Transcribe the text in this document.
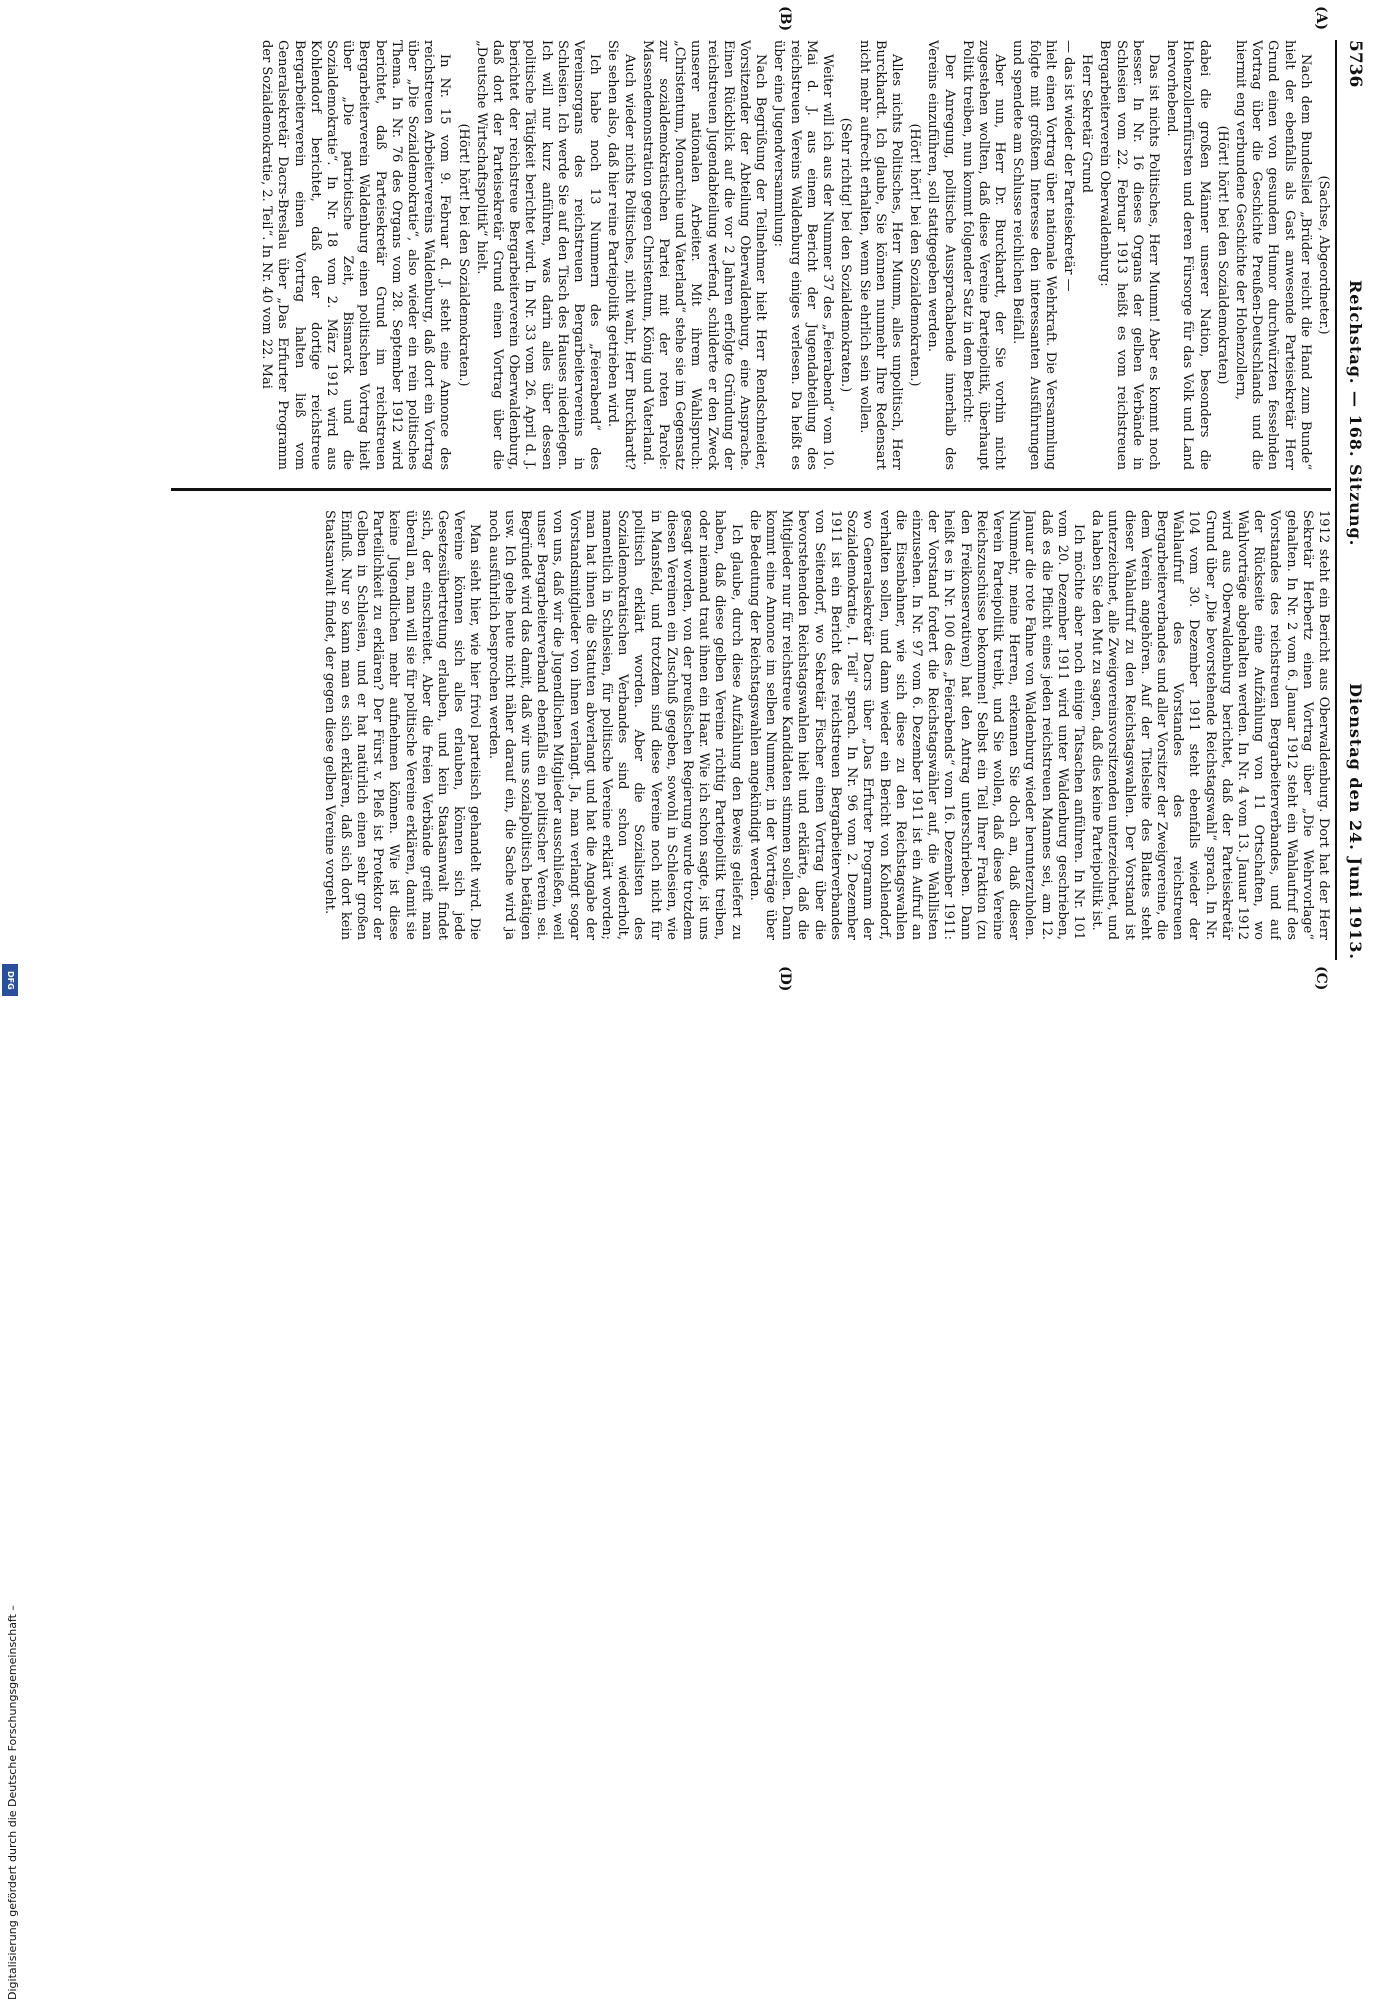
5736
Reichstag. — 168. Sitzung.
Dienstag den 24. Juni 1913.
(A)
(B)
(C)
(D)

(Sachse, Abgeordneter.)

Nach dem Bundeslied „Brüder reicht die Hand zum Bunde“ hielt der ebenfalls als Gast anwesende Parteisekretär Herr Grund einen von gesundem Humor durchwürzten fesselnden Vortrag über die Geschichte Preußen-Deutschlands und die hiermit eng verbundene Geschichte der Hohenzollern,

(Hört! hört! bei den Sozialdemokraten)

dabei die großen Männer unserer Nation, besonders die Hohenzollernfürsten und deren Fürsorge für das Volk und Land hervorhebend.

Das ist nichts Politisches, Herr Mumm! Aber es kommt noch besser. In Nr. 16 dieses Organs der gelben Verbände in Schlesien vom 22. Februar 1913 heißt es vom reichstreuen Bergarbeiterverein Oberwaldenburg:

Herr Sekretär Grund

— das ist wieder der Parteisekretär —

hielt einen Vortrag über nationale Wehrkraft. Die Versammlung folgte mit größtem Interesse den interessanten Ausführungen und spendete am Schlusse reichlichen Beifall.

Aber nun, Herr Dr. Burckhardt, der Sie vorhin nicht zugestehen wollten, daß diese Vereine Parteipolitik, überhaupt Politik treiben, nun kommt folgender Satz in dem Bericht:

Der Anregung, politische Aussprachabende innerhalb des Vereins einzuführen, soll stattgegeben werden.

(Hört! hört! bei den Sozialdemokraten.)

Alles nichts Politisches, Herr Mumm, alles unpolitisch, Herr Burckhardt. Ich glaube, Sie können nunmehr Ihre Redensart nicht mehr aufrecht erhalten, wenn Sie ehrlich sein wollen.

(Sehr richtig! bei den Sozialdemokraten.)

Weiter will ich aus der Nummer 37 des „Feierabend“ vom 10. Mai d. J. aus einem Bericht der Jugendabteilung des reichstreuen Vereins Waldenburg einiges verlesen. Da heißt es über eine Jugendversammlung:

Nach Begrüßung der Teilnehmer hielt Herr Rendschneider, Vorsitzender der Abteilung Oberwaldenburg, eine Ansprache. Einen Rückblick auf die vor 2 Jahren erfolgte Gründung der reichstreuen Jugendabteilung werfend, schilderte er den Zweck unserer nationalen Arbeiter. Mit ihrem Wahlspruch: „Christentum, Monarchie und Vaterland“ stehe sie im Gegensatz zur sozialdemokratischen Partei mit der roten Parole: Massendemonstration gegen Christentum, König und Vaterland.

Auch wieder nichts Politisches, nicht wahr, Herr Burckhardt? Sie sehen also, daß hier reine Parteipolitik getrieben wird.

Ich habe noch 13 Nummern des „Feierabend“ des Vereinsorgans des reichstreuen Bergarbeitervereins in Schlesien. Ich werde Sie auf den Tisch des Hauses niederlegen. Ich will nur kurz anführen, was darin alles über dessen politische Tätigkeit berichtet wird. In Nr. 33 vom 26. April d. J. berichtet der reichstreue Bergarbeiterverein Oberwaldenburg, daß dort der Parteisekretär Grund einen Vortrag über die „Deutsche Wirtschaftspolitik“ hielt.

(Hört! hört! bei den Sozialdemokraten.)

In Nr. 15 vom 9. Februar d. J. steht eine Annonce des reichstreuen Arbeitervereins Waldenburg, daß dort ein Vortrag über „Die Sozialdemokratie“, also wieder ein rein politisches Thema. In Nr. 76 des Organs vom 28. September 1912 wird berichtet, daß Parteisekretär Grund im reichstreuen Bergarbeiterverein Waldenburg einen politischen Vortrag hielt über „Die patriotische Zeit, Bismarck und die Sozialdemokratie“. In Nr. 18 vom 2. März 1912 wird aus Kohlendorf berichtet, daß der dortige reichstreue Bergarbeiterverein einen Vortrag halten ließ vom Generalsekretär Dacrs-Breslau über „Das Erfurter Programm der Sozialdemokratie, 2. Teil“. In Nr. 40 vom 22. Mai

1912 steht ein Bericht aus Oberwaldenburg. Dort hat der Herr Sekretär Herbertz einen Vortrag über „Die Wehrvorlage“ gehalten. In Nr. 2 vom 6. Januar 1912 steht ein Wahlaufruf des Vorstandes des reichstreuen Bergarbeiterverbandes, und auf der Rückseite eine Aufzählung von 11 Ortschaften, wo Wahlvorträge abgehalten werden. In Nr. 4 vom 13. Januar 1912 wird aus Oberwaldenburg berichtet, daß der Parteisekretär Grund über „Die bevorstehende Reichstagswahl“ sprach. In Nr. 104 vom 30. Dezember 1911 steht ebenfalls wieder der Wahlaufruf des Vorstandes des reichstreuen Bergarbeiterverbandes und aller Vorsitzer der Zweigvereine, die dem Verein angehören. Auf der Titelseite des Blattes steht dieser Wahlaufruf zu den Reichstagswahlen. Der Vorstand ist unterzeichnet, alle Zweigvereinsvorsitzenden unterzeichnet, und da haben Sie den Mut zu sagen, daß dies keine Parteipolitik ist.

Ich möchte aber noch einige Tatsachen anführen. In Nr. 101 vom 20. Dezember 1911 wird unter Waldenburg geschrieben, daß es die Pflicht eines jeden reichstreuen Mannes sei, am 12. Januar die rote Fahne von Waldenburg wieder herunterzuholen. Nunmehr, meine Herren, erkennen Sie doch an, daß dieser Verein Parteipolitik treibt, und Sie wollen, daß diese Vereine Reichszuschüsse bekommen! Selbst ein Teil Ihrer Fraktion (zu den Freikonservativen) hat den Antrag unterschrieben. Dann heißt es in Nr. 100 des „Feierabends“ vom 16. Dezember 1911: der Vorstand fordert die Reichstagswähler auf, die Wahllisten einzusehen. In Nr. 97 vom 6. Dezember 1911 ist ein Aufruf an die Eisenbahner, wie sich diese zu den Reichstagswahlen verhalten sollen, und dann wieder ein Bericht von Kohlendorf, wo Generalsekretär Dacrs über „Das Erfurter Programm der Sozialdemokratie, I. Teil“ sprach. In Nr. 96 vom 2. Dezember 1911 ist ein Bericht des reichstreuen Bergarbeiterverbandes von Seitendorf, wo Sekretär Fischer einen Vortrag über die bevorstehenden Reichstagswahlen hielt und erklärte, daß die Mitglieder nur für reichstreue Kandidaten stimmen sollen. Dann kommt eine Annonce im selben Nummer, in der Vorträge über die Bedeutung der Reichstagswahlen angekündigt werden.

Ich glaube, durch diese Aufzählung den Beweis geliefert zu haben, daß diese gelben Vereine richtig Parteipolitik treiben, oder niemand traut ihnen ein Haar. Wie ich schon sagte, ist uns gesagt worden, von der preußischen Regierung wurde trotzdem diesen Vereinen ein Zuschuß gegeben, sowohl in Schlesien, wie in Mansfeld, und trotzdem sind diese Vereine noch nicht für politisch erklärt worden. Aber die Sozialisten des Sozialdemokratischen Verbandes sind schon wiederholt, namentlich in Schlesien, für politische Vereine erklärt worden; man hat ihnen die Statuten abverlangt und hat die Angabe der Vorstandsmitglieder von ihnen verlangt. Ja, man verlangt sogar von uns, daß wir die Jugendlichen Mitglieder ausschließen, weil unser Bergarbeiterverband ebenfalls ein politischer Verein sei. Begründet wird das damit, daß wir uns sozialpolitisch betätigen usw. Ich gehe heute nicht näher darauf ein, die Sache wird ja noch ausführlich besprochen werden.

Man sieht hier, wie hier frivol parteiisch gehandelt wird. Die Vereine können sich alles erlauben, können sich jede Gesetzesübertretung erlauben, und kein Staatsanwalt findet sich, der einschreitet. Aber die freien Verbände greift man überall an, man will sie für politische Vereine erklären, damit sie keine Jugendlichen mehr aufnehmen können. Wie ist diese Parteilichkeit zu erklären? Der Fürst v. Pleß ist Protektor der Gelben in Schlesien, und er hat natürlich einen sehr großen Einfluß. Nur so kann man es sich erklären, daß sich dort kein Staatsanwalt findet, der gegen diese gelben Vereine vorgeht.

Digitalisierung gefördert durch die Deutsche Forschungsgemeinschaft –
DFG
